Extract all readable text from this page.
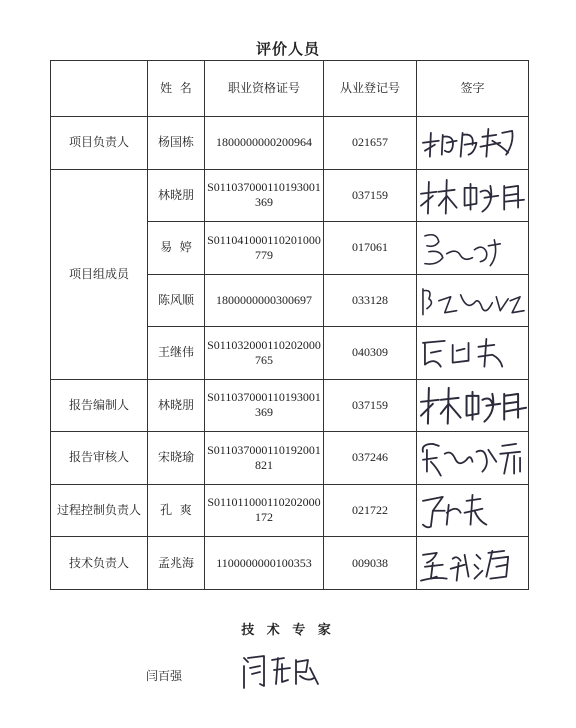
评价人员
	姓  名	职业资格证号	从业登记号	签字
项目负责人	杨国栋	1800000000200964	021657	

项目组成员	林晓朋	S011037000110193001369	037159	

	易  婷	S011041000110201000779	017061	

	陈风顺	1800000000300697	033128	

	王继伟	S011032000110202000765	040309	

报告编制人	林晓朋	S011037000110193001369	037159	

报告审核人	宋晓瑜	S011037000110192001821	037246	

过程控制负责人	孔  爽	S011011000110202000172	021722	

技术负责人	孟兆海	1100000000100353	009038	
技 术 专 家
闫百强
